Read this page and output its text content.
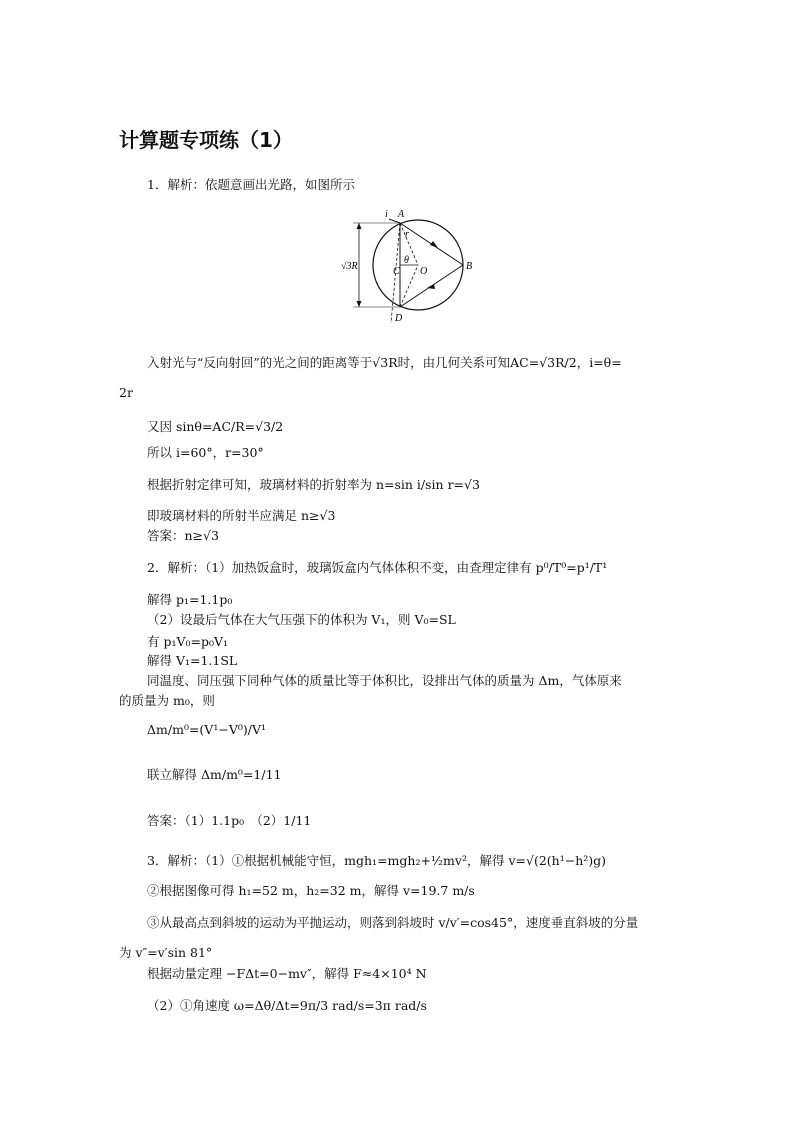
计算题专项练（1）
1．解析：依题意画出光路，如图所示
A
i
r
θ
C O	B
D
√3R
入射光与“反向射回”的光之间的距离等于√3R时，由几何关系可知AC=√3R/2，i=θ=
2r
又因 sinθ=AC/R=√3/2
所以 i=60°，r=30°
根据折射定律可知，玻璃材料的折射率为 n=sin i/sin r=√3
即玻璃材料的所射半应满足 n≥√3
答案：n≥√3
2．解析：（1）加热饭盒时，玻璃饭盒内气体体积不变，由查理定律有 p⁰/T⁰=p¹/T¹
解得 p₁=1.1p₀
（2）设最后气体在大气压强下的体积为 V₁，则 V₀=SL
有 p₁V₀=p₀V₁
解得 V₁=1.1SL
同温度、同压强下同种气体的质量比等于体积比，设排出气体的质量为 Δm，气体原来
的质量为 m₀，则
Δm/m⁰=(V¹−V⁰)/V¹
联立解得 Δm/m⁰=1/11
答案：（1）1.1p₀　（2）1/11
3．解析：（1）①根据机械能守恒，mgh₁=mgh₂+½mv²，解得 v=√(2(h¹−h²)g)
②根据图像可得 h₁=52 m，h₂=32 m，解得 v=19.7 m/s
③从最高点到斜坡的运动为平抛运动，则落到斜坡时 v/v′=cos45°，速度垂直斜坡的分量
为 v″=v′sin 81°
根据动量定理 −FΔt=0−mv″，解得 F≈4×10⁴ N
（2）①角速度 ω=Δθ/Δt=9π/3 rad/s=3π rad/s
